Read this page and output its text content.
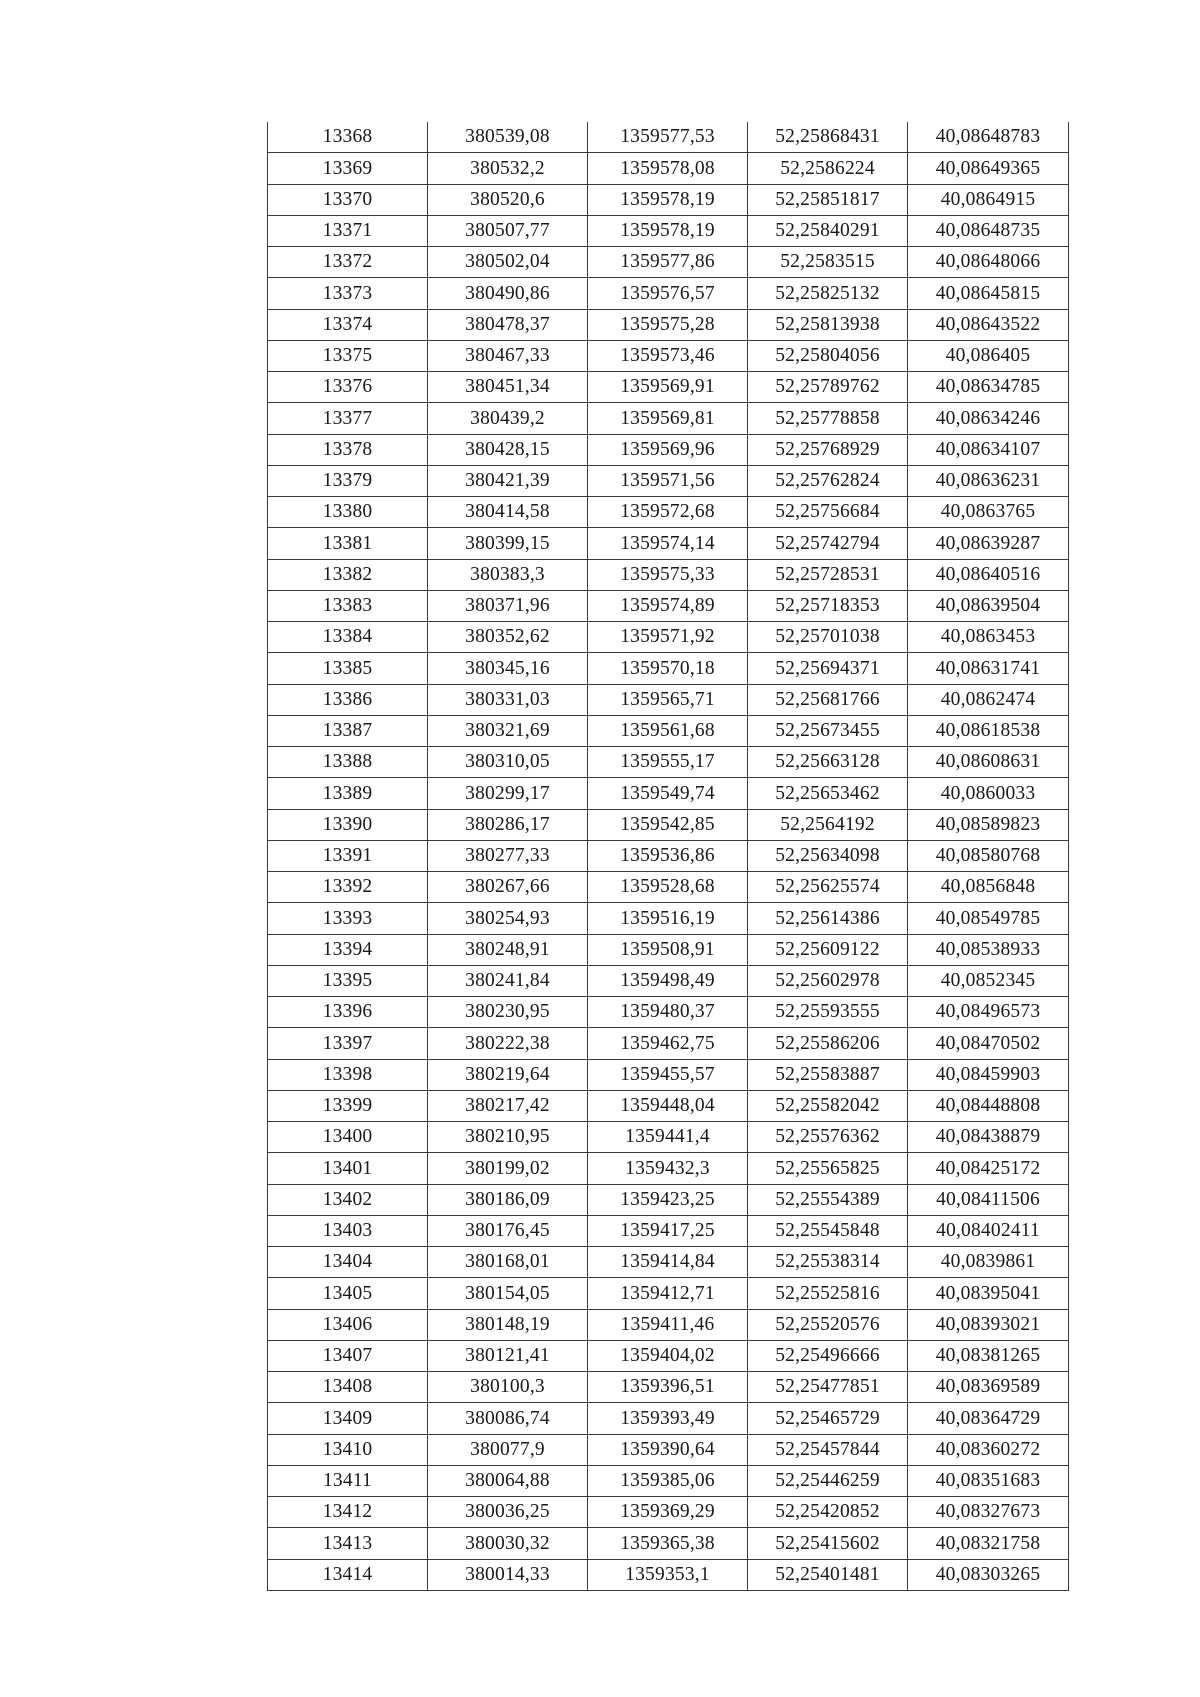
13368	380539,08	1359577,53	52,25868431	40,08648783
13369	380532,2	1359578,08	52,2586224	40,08649365
13370	380520,6	1359578,19	52,25851817	40,0864915
13371	380507,77	1359578,19	52,25840291	40,08648735
13372	380502,04	1359577,86	52,2583515	40,08648066
13373	380490,86	1359576,57	52,25825132	40,08645815
13374	380478,37	1359575,28	52,25813938	40,08643522
13375	380467,33	1359573,46	52,25804056	40,086405
13376	380451,34	1359569,91	52,25789762	40,08634785
13377	380439,2	1359569,81	52,25778858	40,08634246
13378	380428,15	1359569,96	52,25768929	40,08634107
13379	380421,39	1359571,56	52,25762824	40,08636231
13380	380414,58	1359572,68	52,25756684	40,0863765
13381	380399,15	1359574,14	52,25742794	40,08639287
13382	380383,3	1359575,33	52,25728531	40,08640516
13383	380371,96	1359574,89	52,25718353	40,08639504
13384	380352,62	1359571,92	52,25701038	40,0863453
13385	380345,16	1359570,18	52,25694371	40,08631741
13386	380331,03	1359565,71	52,25681766	40,0862474
13387	380321,69	1359561,68	52,25673455	40,08618538
13388	380310,05	1359555,17	52,25663128	40,08608631
13389	380299,17	1359549,74	52,25653462	40,0860033
13390	380286,17	1359542,85	52,2564192	40,08589823
13391	380277,33	1359536,86	52,25634098	40,08580768
13392	380267,66	1359528,68	52,25625574	40,0856848
13393	380254,93	1359516,19	52,25614386	40,08549785
13394	380248,91	1359508,91	52,25609122	40,08538933
13395	380241,84	1359498,49	52,25602978	40,0852345
13396	380230,95	1359480,37	52,25593555	40,08496573
13397	380222,38	1359462,75	52,25586206	40,08470502
13398	380219,64	1359455,57	52,25583887	40,08459903
13399	380217,42	1359448,04	52,25582042	40,08448808
13400	380210,95	1359441,4	52,25576362	40,08438879
13401	380199,02	1359432,3	52,25565825	40,08425172
13402	380186,09	1359423,25	52,25554389	40,08411506
13403	380176,45	1359417,25	52,25545848	40,08402411
13404	380168,01	1359414,84	52,25538314	40,0839861
13405	380154,05	1359412,71	52,25525816	40,08395041
13406	380148,19	1359411,46	52,25520576	40,08393021
13407	380121,41	1359404,02	52,25496666	40,08381265
13408	380100,3	1359396,51	52,25477851	40,08369589
13409	380086,74	1359393,49	52,25465729	40,08364729
13410	380077,9	1359390,64	52,25457844	40,08360272
13411	380064,88	1359385,06	52,25446259	40,08351683
13412	380036,25	1359369,29	52,25420852	40,08327673
13413	380030,32	1359365,38	52,25415602	40,08321758
13414	380014,33	1359353,1	52,25401481	40,08303265
